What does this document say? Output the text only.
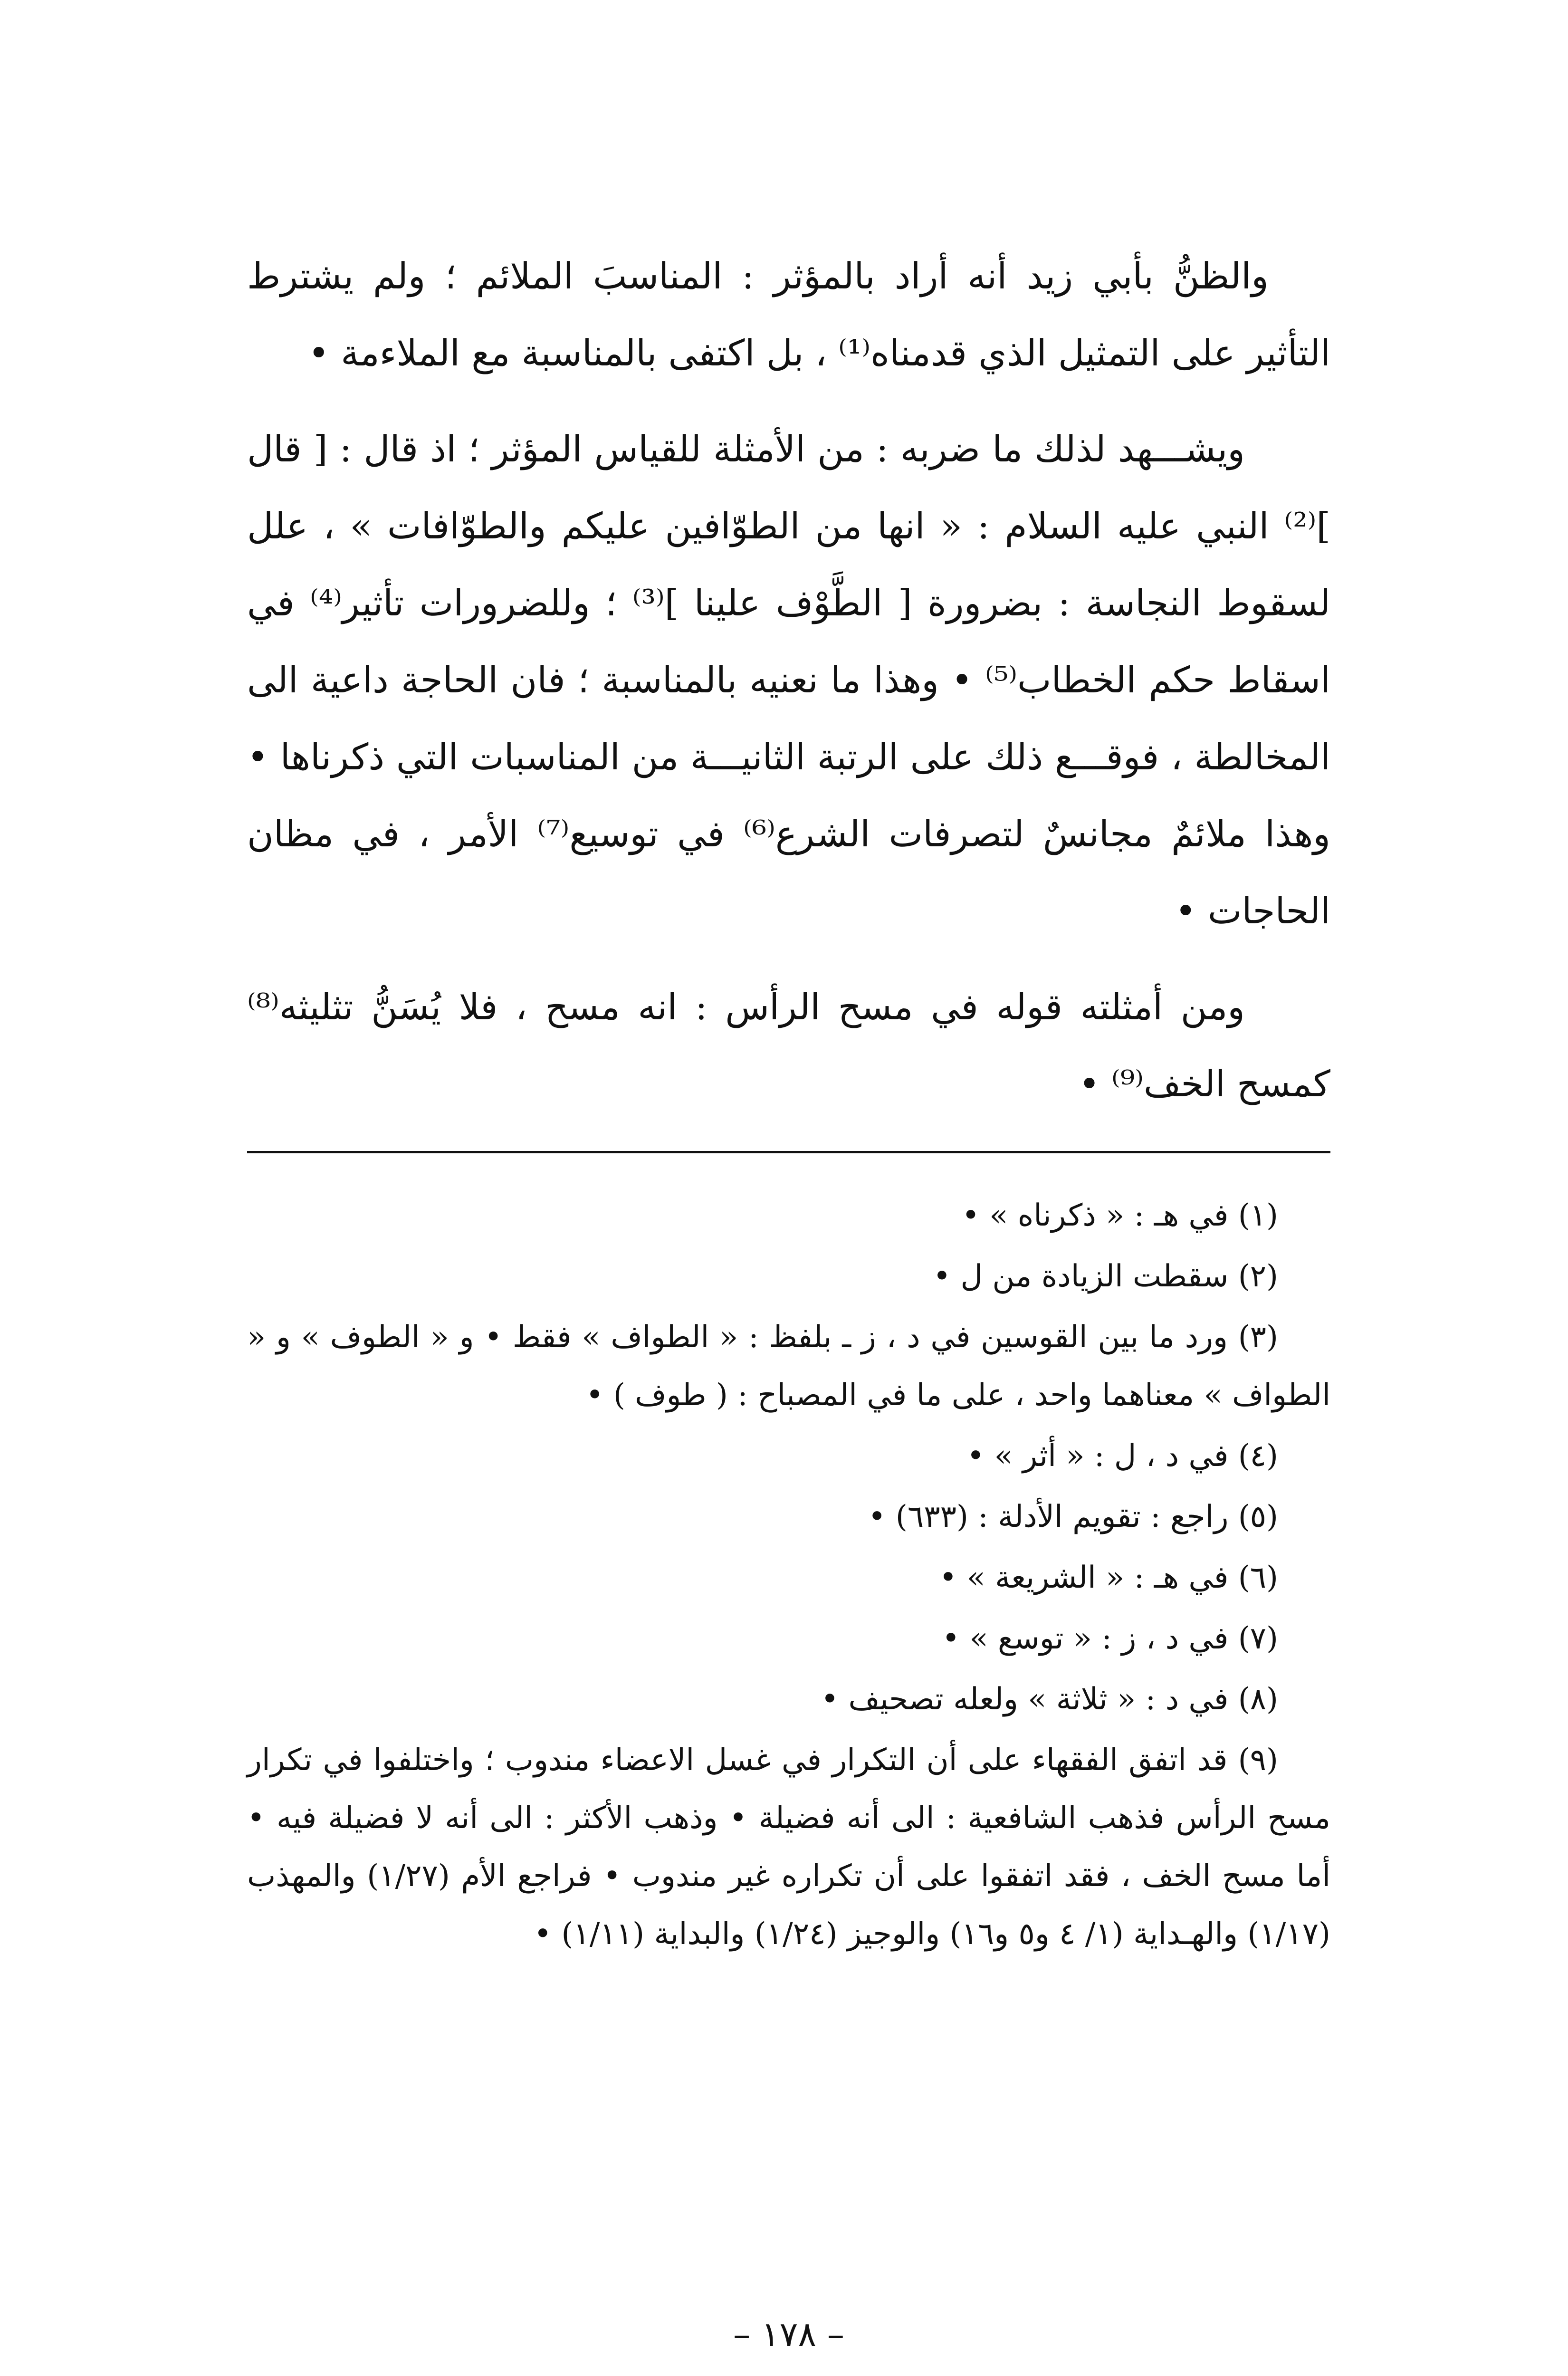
والظنُّ بأبي زيد أنه أراد بالمؤثر : المناسبَ الملائم ؛ ولم يشترط التأثير على التمثيل الذي قدمناه⁽¹⁾ ، بل اكتفى بالمناسبة مع الملاءمة •

ويشـــهد لذلك ما ضربه : من الأمثلة للقياس المؤثر ؛ اذ قال : [ قال ]⁽²⁾ النبي عليه السلام : « انها من الطوّافين عليكم والطوّافات » ، علل لسقوط النجاسة : بضرورة [ الطَّوْف علينا ]⁽³⁾ ؛ وللضرورات تأثير⁽⁴⁾ في اسقاط حكم الخطاب⁽⁵⁾ • وهذا ما نعنيه بالمناسبة ؛ فان الحاجة داعية الى المخالطة ، فوقـــع ذلك على الرتبة الثانيـــة من المناسبات التي ذكرناها • وهذا ملائمٌ مجانسٌ لتصرفات الشرع⁽⁶⁾ في توسيع⁽⁷⁾ الأمر ، في مظان الحاجات •

ومن أمثلته قوله في مسح الرأس : انه مسح ، فلا يُسَنُّ تثليثه⁽⁸⁾ كمسح الخف⁽⁹⁾ •

(١) في هـ : « ذكرناه » •
(٢) سقطت الزيادة من ل •
(٣) ورد ما بين القوسين في د ، ز ـ بلفظ : « الطواف » فقط • و « الطوف » و « الطواف » معناهما واحد ، على ما في المصباح : ( طوف ) •
(٤) في د ، ل : « أثر » •
(٥) راجع : تقويم الأدلة : (٦٣٣) •
(٦) في هـ : « الشريعة » •
(٧) في د ، ز : « توسع » •
(٨) في د : « ثلاثة » ولعله تصحيف •
(٩) قد اتفق الفقهاء على أن التكرار في غسل الاعضاء مندوب ؛ واختلفوا في تكرار مسح الرأس فذهب الشافعية : الى أنه فضيلة • وذهب الأكثر : الى أنه لا فضيلة فيه • أما مسح الخف ، فقد اتفقوا على أن تكراره غير مندوب • فراجع الأم (١/٢٧) والمهذب (١/١٧) والهـداية (١/ ٤ و٥ و١٦) والوجيز (١/٢٤) والبداية (١/١١) •
– ١٧٨ –
